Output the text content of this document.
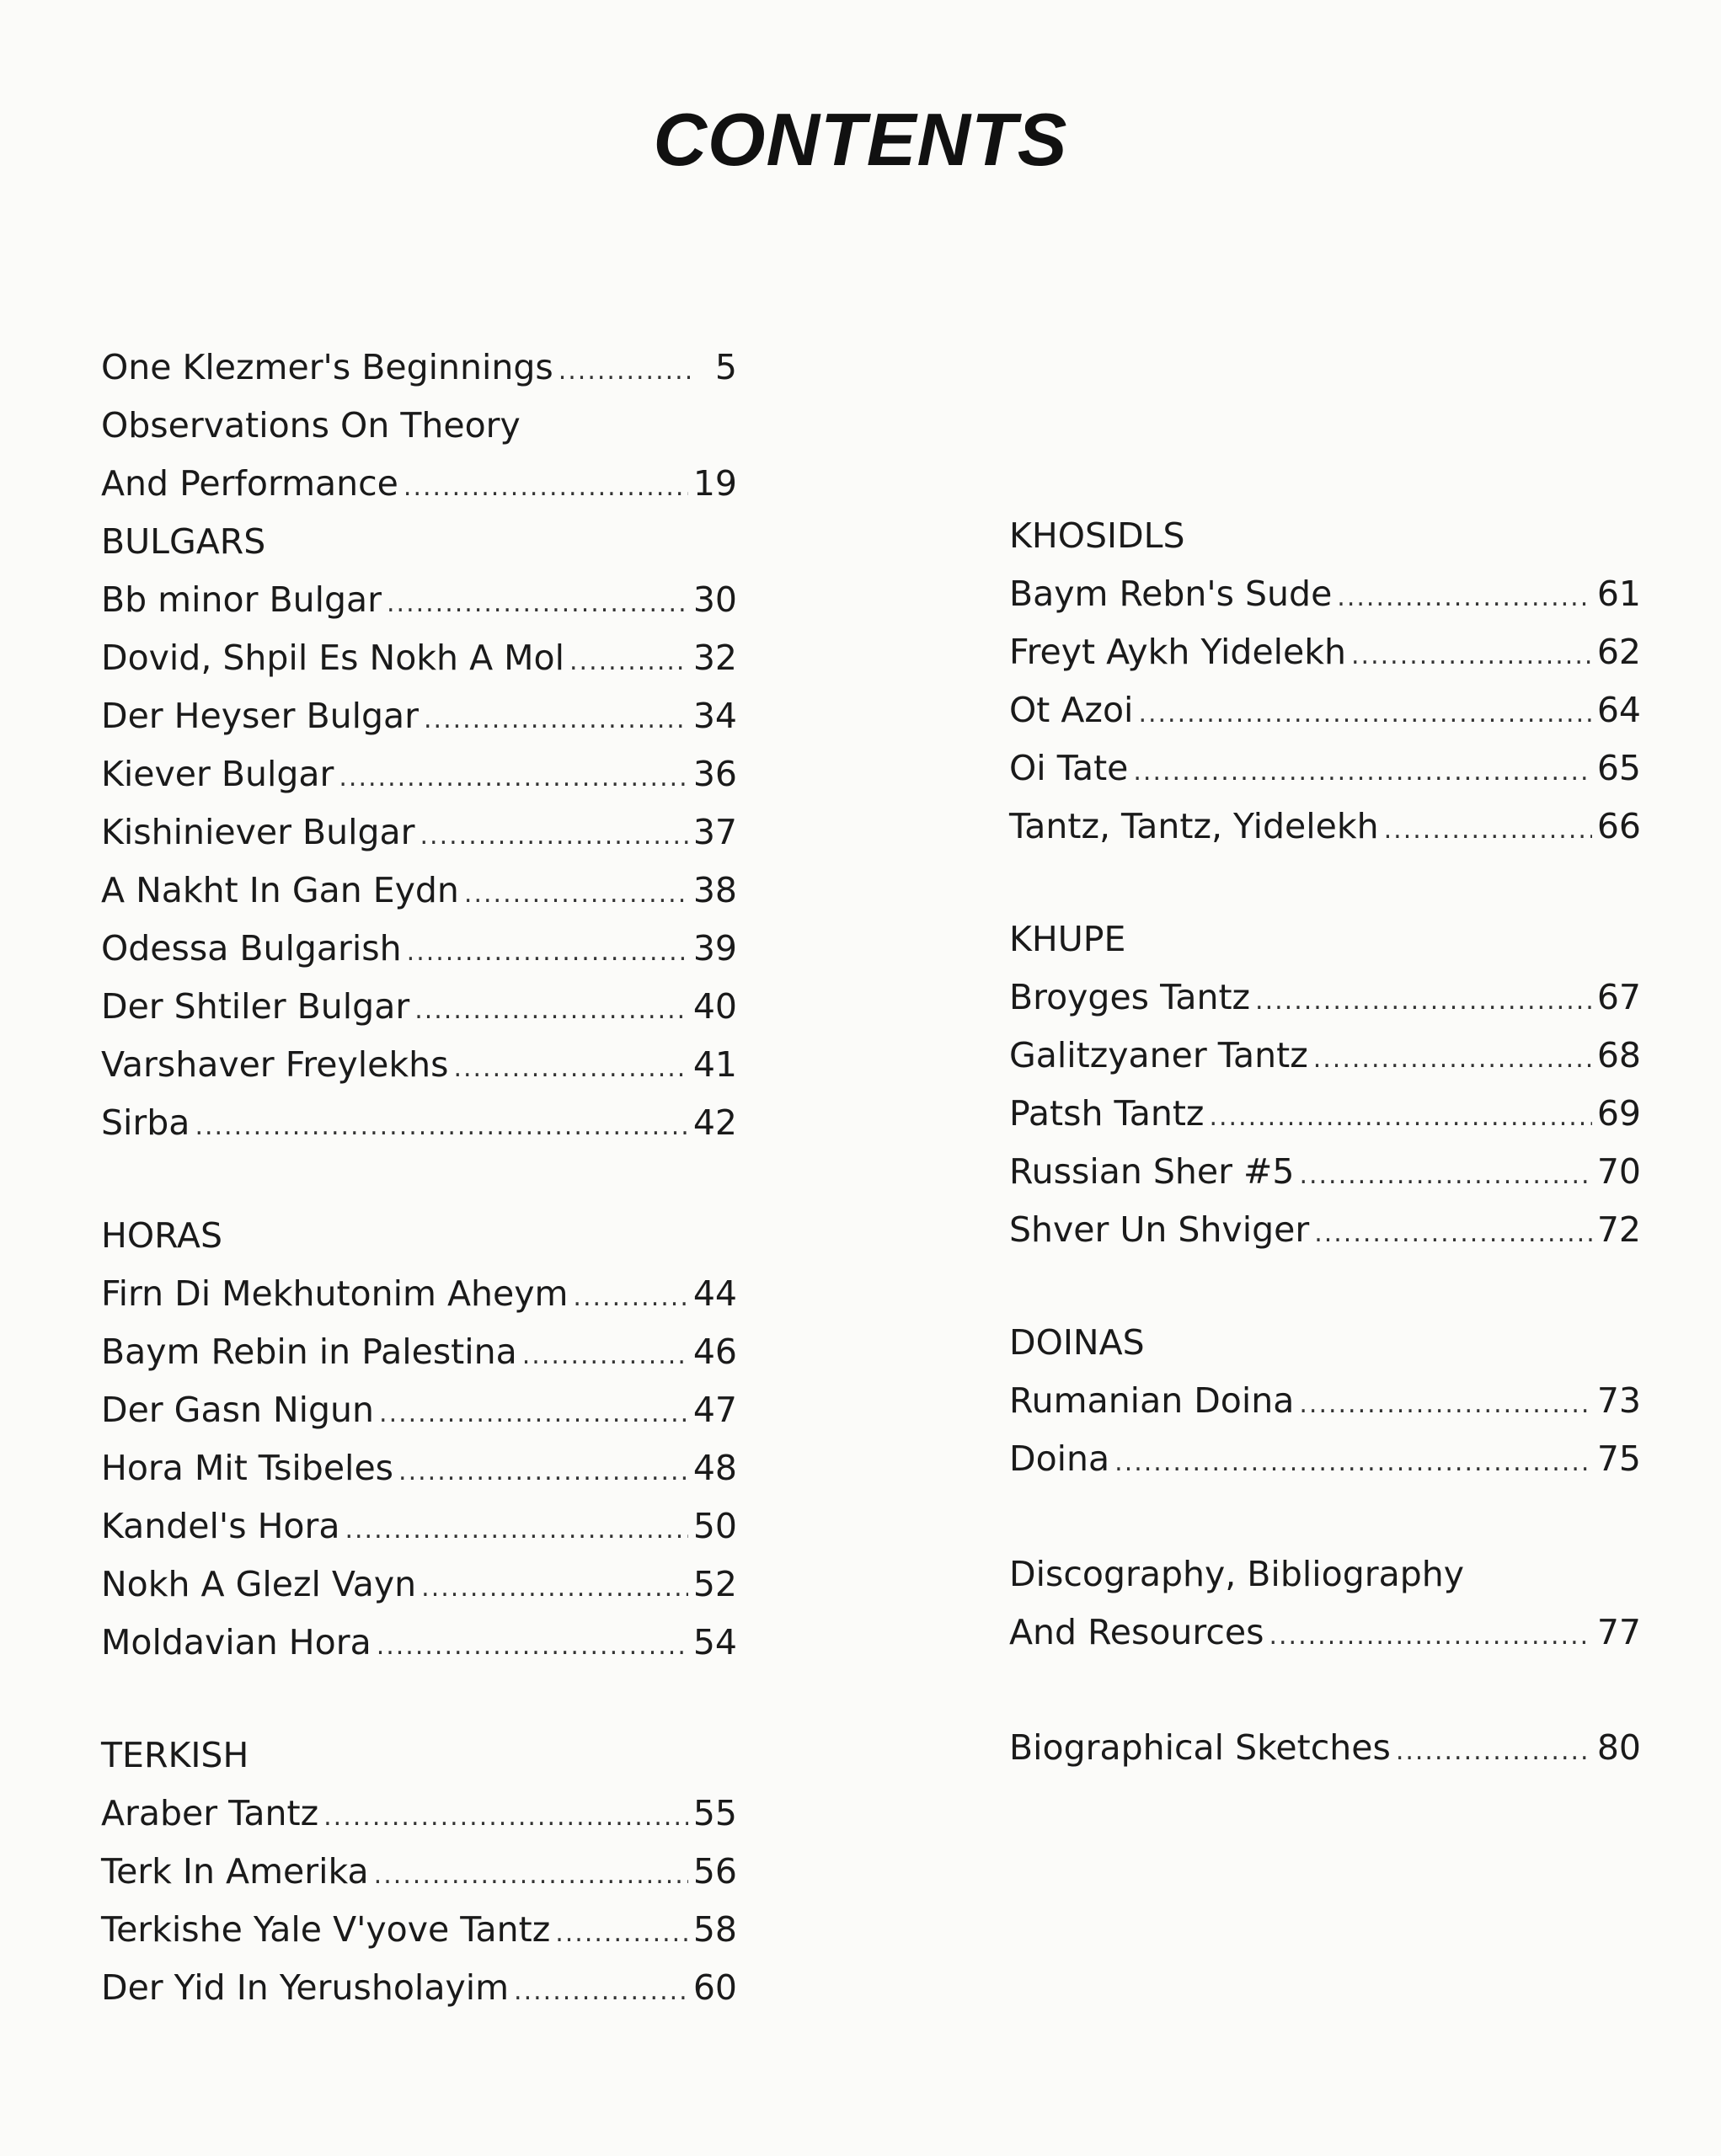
CONTENTS
One Klezmer's Beginnings .....	5
Observations On Theory
And Performance .....	19
BULGARS
Bb minor Bulgar .....	30
Dovid, Shpil Es Nokh A Mol .....	32
Der Heyser Bulgar .....	34
Kiever Bulgar .....	36
Kishiniever Bulgar .....	37
A Nakht In Gan Eydn .....	38
Odessa Bulgarish .....	39
Der Shtiler Bulgar .....	40
Varshaver Freylekhs .....	41
Sirba .....	42
HORAS
Firn Di Mekhutonim Aheym .....	44
Baym Rebin in Palestina .....	46
Der Gasn Nigun .....	47
Hora Mit Tsibeles .....	48
Kandel's Hora .....	50
Nokh A Glezl Vayn .....	52
Moldavian Hora .....	54
TERKISH
Araber Tantz .....	55
Terk In Amerika .....	56
Terkishe Yale V'yove Tantz .....	58
Der Yid In Yerusholayim .....	60
KHOSIDLS
Baym Rebn's Sude .....	61
Freyt Aykh Yidelekh .....	62
Ot Azoi .....	64
Oi Tate .....	65
Tantz, Tantz, Yidelekh .....	66
KHUPE
Broyges Tantz .....	67
Galitzyaner Tantz .....	68
Patsh Tantz .....	69
Russian Sher #5 .....	70
Shver Un Shviger .....	72
DOINAS
Rumanian Doina .....	73
Doina .....	75
Discography, Bibliography
And Resources .....	77
Biographical Sketches .....	80
